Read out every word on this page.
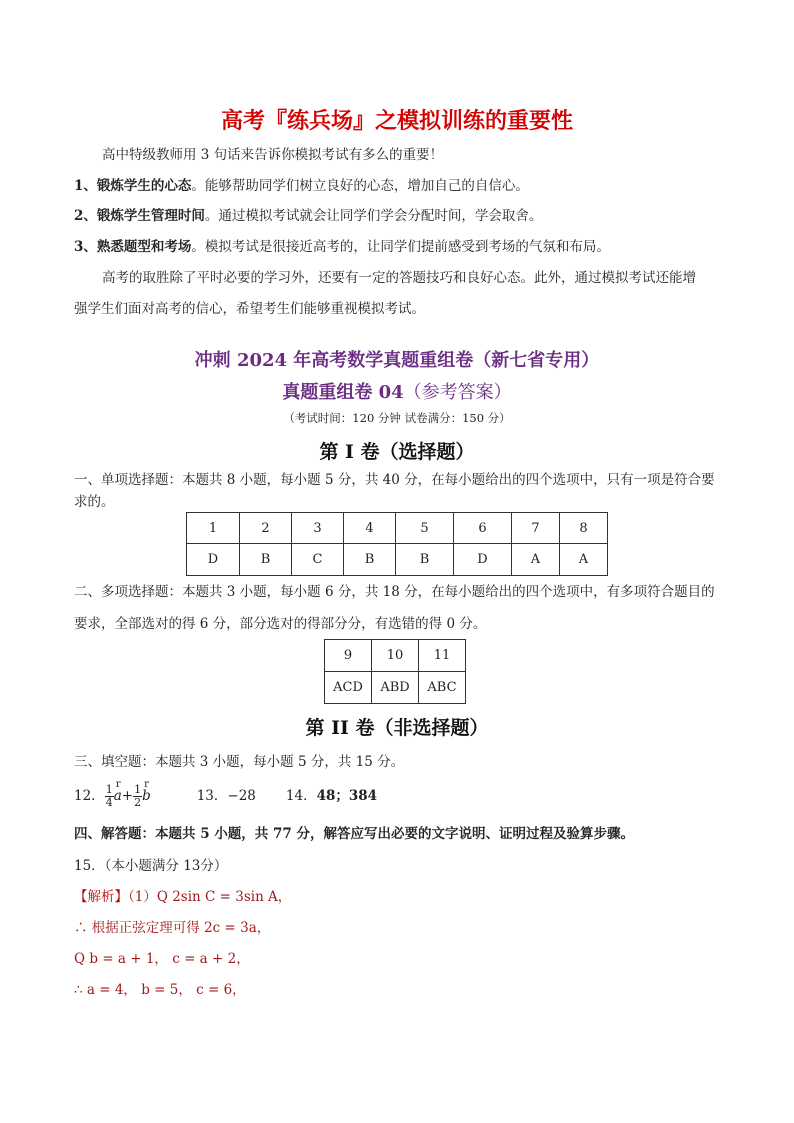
高考『练兵场』之模拟训练的重要性
高中特级教师用 3 句话来告诉你模拟考试有多么的重要！
1、锻炼学生的心态。能够帮助同学们树立良好的心态，增加自己的自信心。
2、锻炼学生管理时间。通过模拟考试就会让同学们学会分配时间，学会取舍。
3、熟悉题型和考场。模拟考试是很接近高考的，让同学们提前感受到考场的气氛和布局。
高考的取胜除了平时必要的学习外，还要有一定的答题技巧和良好心态。此外，通过模拟考试还能增
强学生们面对高考的信心，希望考生们能够重视模拟考试。
冲刺 2024 年高考数学真题重组卷（新七省专用）
真题重组卷 04（参考答案）
（考试时间：120 分钟 试卷满分：150 分）
第 I 卷（选择题）
一、单项选择题：本题共 8 小题，每小题 5 分，共 40 分，在每小题给出的四个选项中，只有一项是符合要
求的。
1	2	3	4	5	6	7	8
D	B	C	B	B	D	A	A
二、多项选择题：本题共 3 小题，每小题 6 分，共 18 分，在每小题给出的四个选项中，有多项符合题目的
要求，全部选对的得 6 分，部分选对的得部分分，有选错的得 0 分。
9	10	11
ACD	ABD	ABC
第 II 卷（非选择题）
三、填空题：本题共 3 小题，每小题 5 分，共 15 分。
12． $\frac{1}{4}$ r
$a + \frac{1}{2}$ r
b	13．−28 14． 48；384
四、解答题：本题共 5 小题，共 77 分，解答应写出必要的文字说明、证明过程及验算步骤。
15．（本小题满分 13分）
【解析】（1）Q 2sin C = 3sin A，
∴ 根据正弦定理可得 2c = 3a，
Q b = a + 1， c = a + 2，
∴ a = 4， b = 5， c = 6，
